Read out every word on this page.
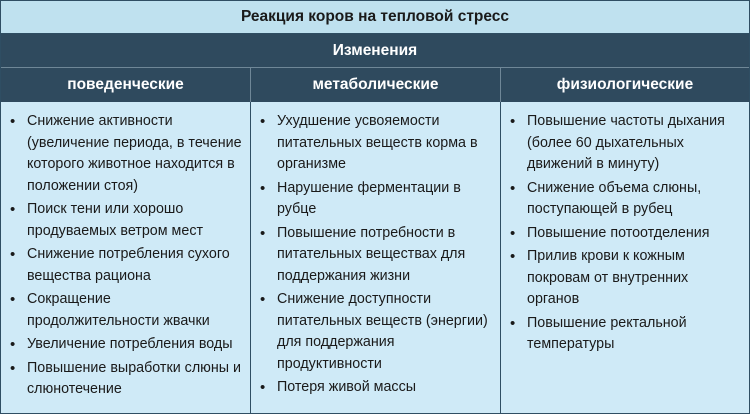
Реакция коров на тепловой стресс
Изменения
поведенческие	метаболические	физиологические
• Снижение активности (увеличение периода, в течение которого животное находится в положении стоя)
• Поиск тени или хорошо продуваемых ветром мест
• Снижение потребления сухого вещества рациона
• Сокращение продолжительности жвачки
• Увеличение потребления воды
• Повышение выработки слюны и слюнотечение
• Ухудшение усвояемости питательных веществ корма в организме
• Нарушение ферментации в рубце
• Повышение потребности в питательных веществах для поддержания жизни
• Снижение доступности питательных веществ (энергии) для поддержания продуктивности
• Потеря живой массы
• Повышение частоты дыхания (более 60 дыхательных движений в минуту)
• Снижение объема слюны, поступающей в рубец
• Повышение потоотделения
• Прилив крови к кожным покровам от внутренних органов
• Повышение ректальной температуры
